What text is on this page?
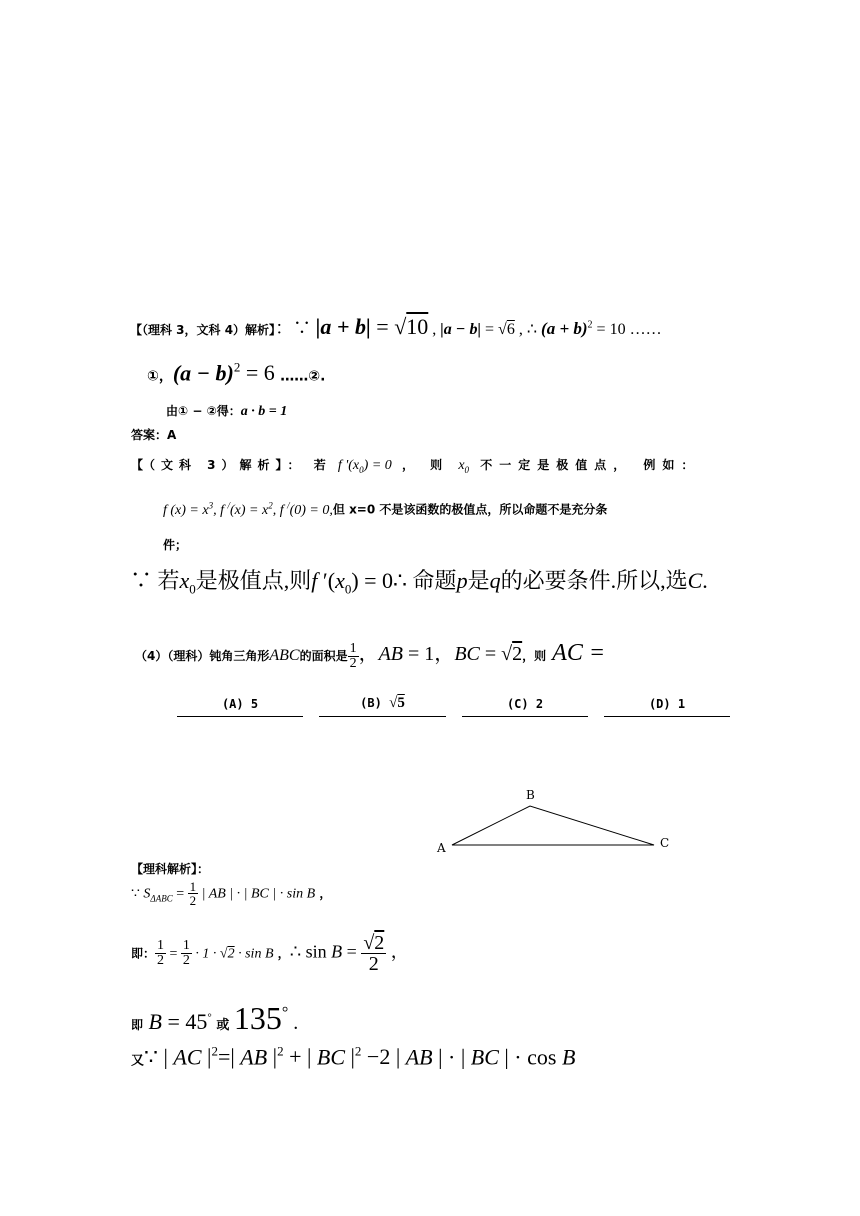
【（理科 3，文科 4）解析】：∵ |a + b| = √10 , |a − b| = √6 , ∴ $(a + b)^2 = 10$ ……
①，$(a - b)^2 = 6$ ……②.
由① − ②得：a · b = 1
答案：A
【（文科 3）解析】： 若 f '$(x_0) = 0$ ， 则 $x_0$ 不一定是极值点， 例如：
f $(x) = x^3$, f $^/(x) = x^2$, f /(0) = 0,但 x=0 不是该函数的极值点，所以命题不是充分条
件；
∵ 若$x_0$是极值点,则f $'(x_0)$ = 0∴ 命题p是q的必要条件.所以,选C.
（4）（理科）钝角三角形ABC的面积是 $\frac{1}{2}$ ，AB = 1，BC = √2，则 AC =
(A) 5	(B) √5	(C) 2	(D) 1
A
B
C
【理科解析】：
∵ $S_{\Delta ABC} = \frac{1}{2}$ | AB | · | BC | · sin B ，
即： $\frac{1}{2} = \frac{1}{2} \cdot 1 \cdot √2 \cdot \sin B$ ，∴ $\sin B = \frac{√2}{2}$ ，
即 B = 45° 或 135° .
又∵ | AC $|^2=|$ AB $|^2$ + | BC $|^2 -2$ | AB | · | BC | · cos B
